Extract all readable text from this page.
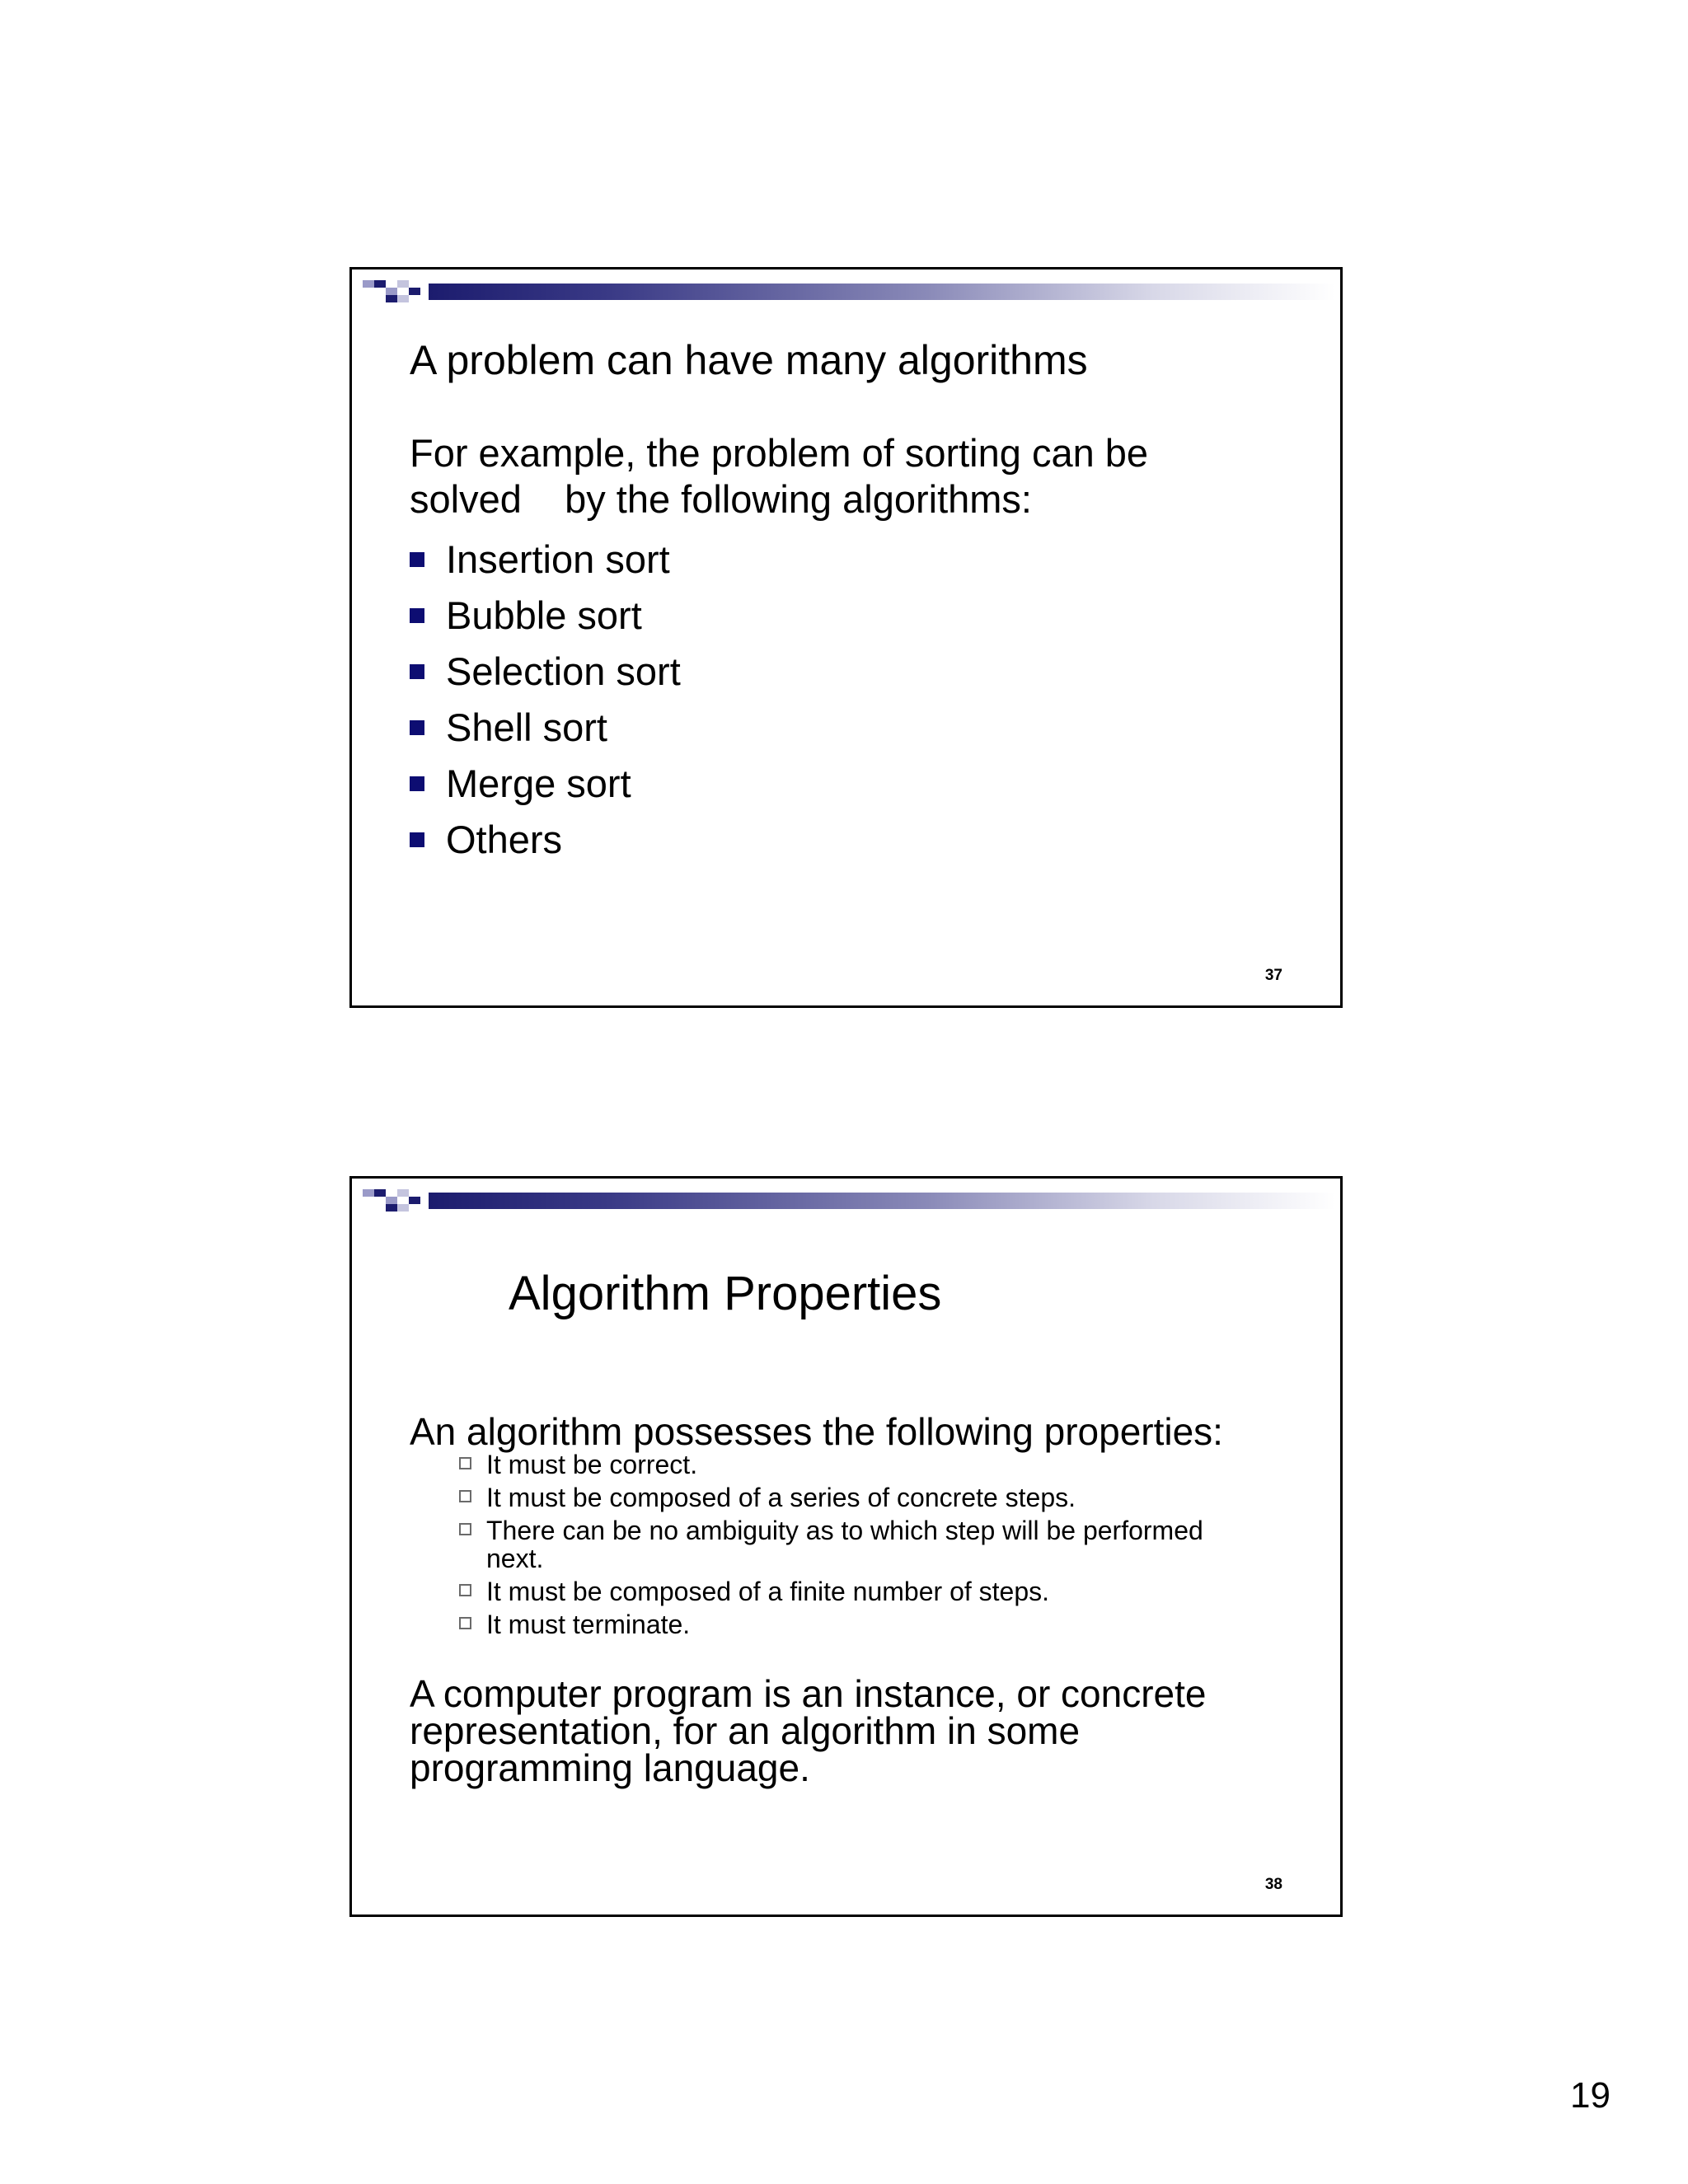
A problem can have many algorithms
For example, the problem of sorting can be solved    by the following algorithms:
Insertion sort
Bubble sort
Selection sort
Shell sort
Merge sort
Others
37
Algorithm Properties
An algorithm possesses the following properties:
It must be correct.
It must be composed of a series of concrete steps.
There can be no ambiguity as to which step will be performed next.
It must be composed of a finite number of steps.
It must terminate.
A computer program is an instance, or concrete representation, for an algorithm in some programming language.
38
19
